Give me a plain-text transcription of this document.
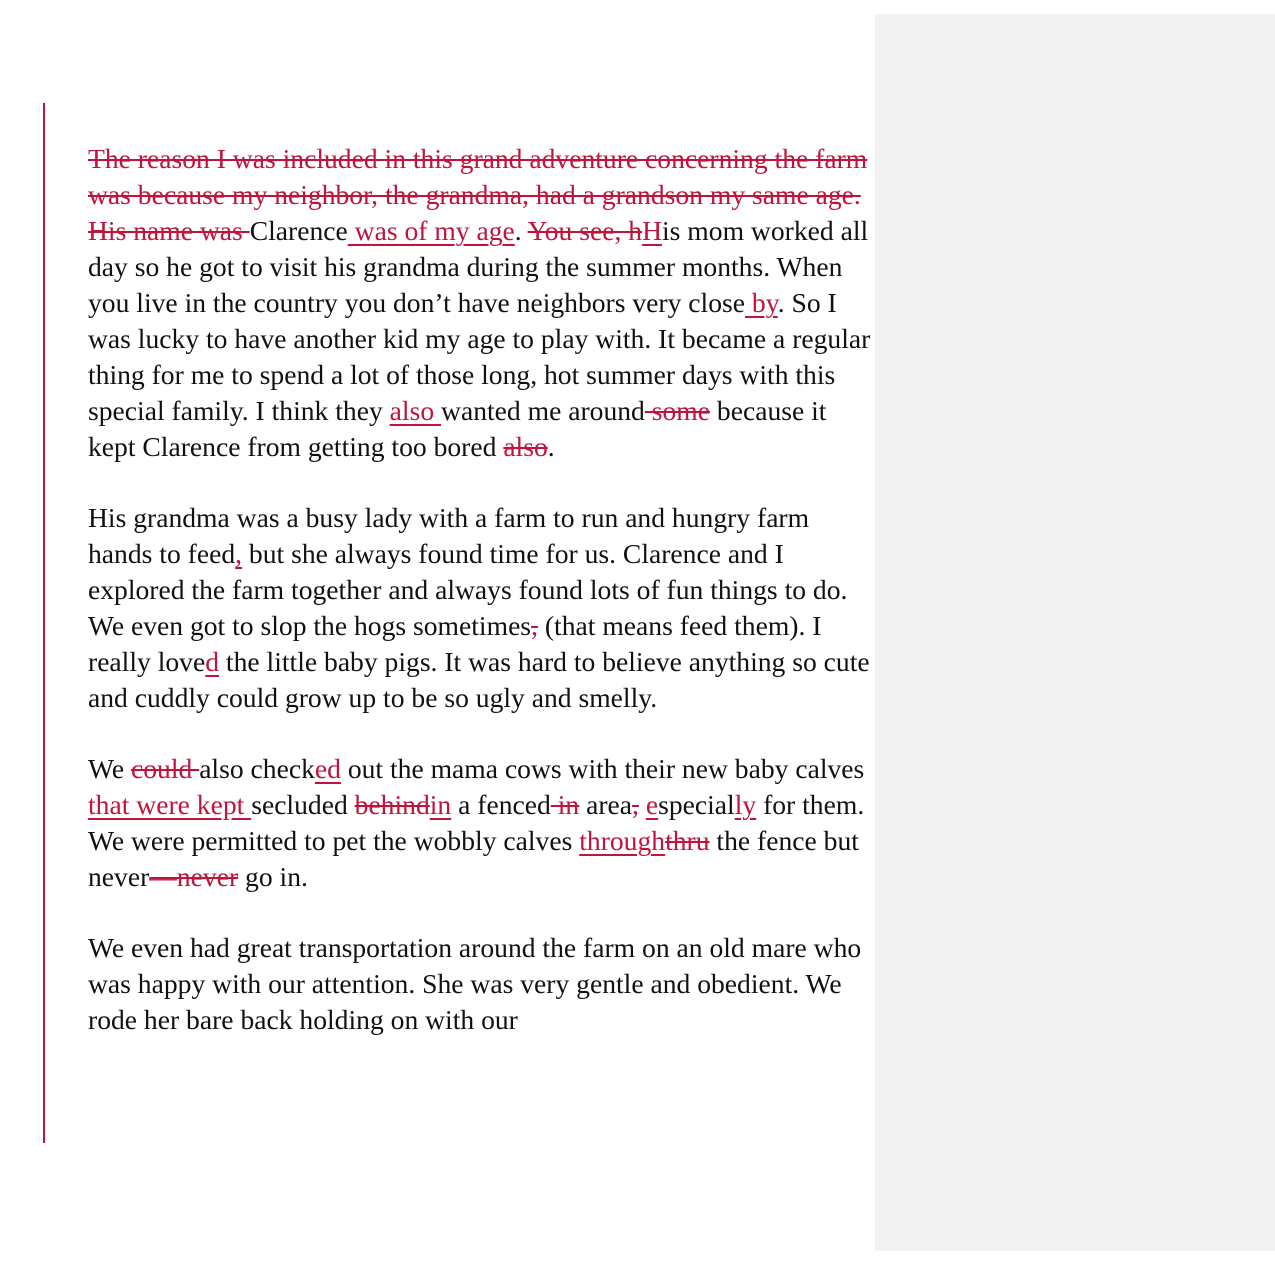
The reason I was included in this grand adventure concerning the farm was because my neighbor, the grandma, had a grandson my same age. His name was Clarence was of my age. You see, hHis mom worked all day so he got to visit his grandma during the summer months. When you live in the country you don’t have neighbors very close by. So I was lucky to have another kid my age to play with. It became a regular thing for me to spend a lot of those long, hot summer days with this special family. I think they also wanted me around some because it kept Clarence from getting too bored also.

His grandma was a busy lady with a farm to run and hungry farm hands to feed, but she always found time for us. Clarence and I explored the farm together and always found lots of fun things to do. We even got to slop the hogs sometimes, (that means feed them). I really loved the little baby pigs. It was hard to believe anything so cute and cuddly could grow up to be so ugly and smelly.

We could also checked out the mama cows with their new baby calves that were kept secluded behindin a fenced in area, especially for them. We were permitted to pet the wobbly calves throughthru the fence but never—never go in.

We even had great transportation around the farm on an old mare who was happy with our attention. She was very gentle and obedient. We rode her bare back holding on with our
